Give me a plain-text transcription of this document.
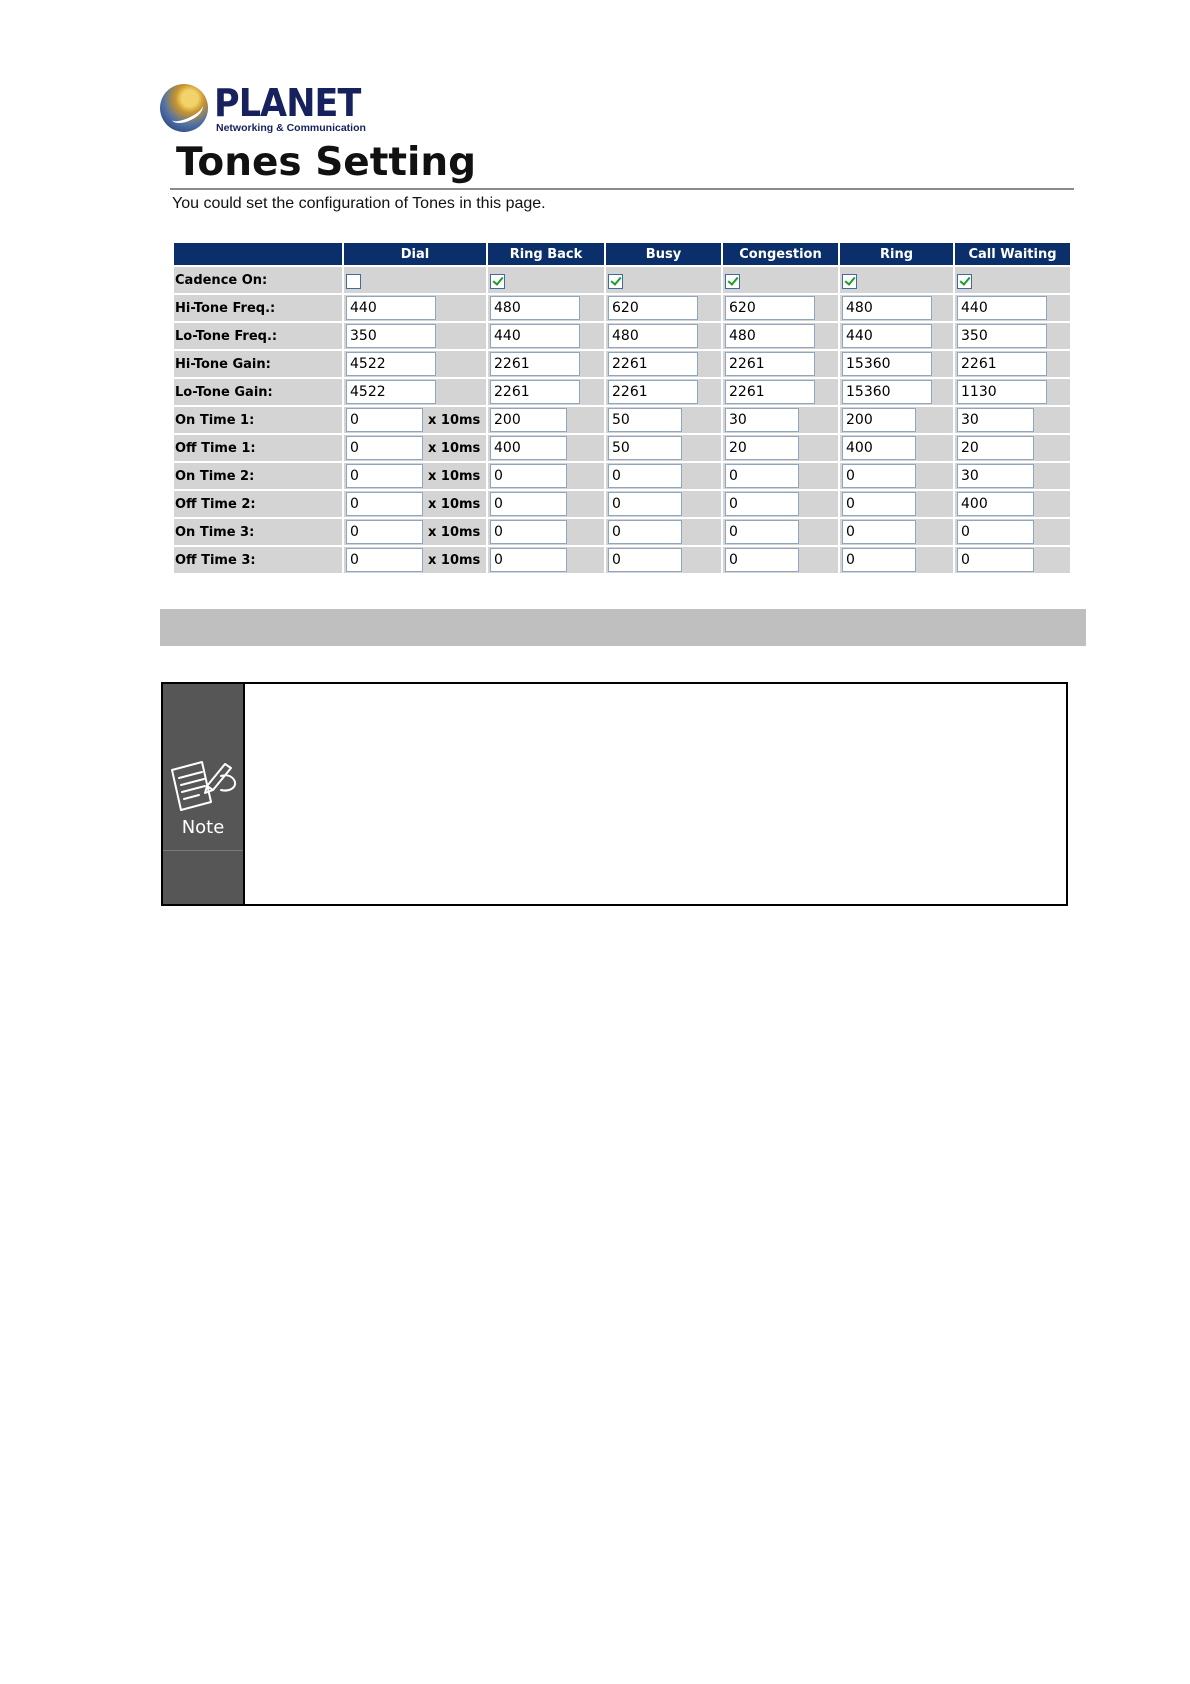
PLANET
Networking & Communication
Tones Setting
You could set the configuration of Tones in this page.
	Dial	Ring Back	Busy	Congestion	Ring	Call Waiting
Cadence On:						
Hi-Tone Freq.:	440	480	620	620	480	440
Lo-Tone Freq.:	350	440	480	480	440	350
Hi-Tone Gain:	4522	2261	2261	2261	15360	2261
Lo-Tone Gain:	4522	2261	2261	2261	15360	1130
On Time 1:	0 x 10ms	200	50	30	200	30
Off Time 1:	0 x 10ms	400	50	20	400	20
On Time 2:	0 x 10ms	0	0	0	0	30
Off Time 2:	0 x 10ms	0	0	0	0	400
On Time 3:	0 x 10ms	0	0	0	0	0
Off Time 3:	0 x 10ms	0	0	0	0	0
Note
